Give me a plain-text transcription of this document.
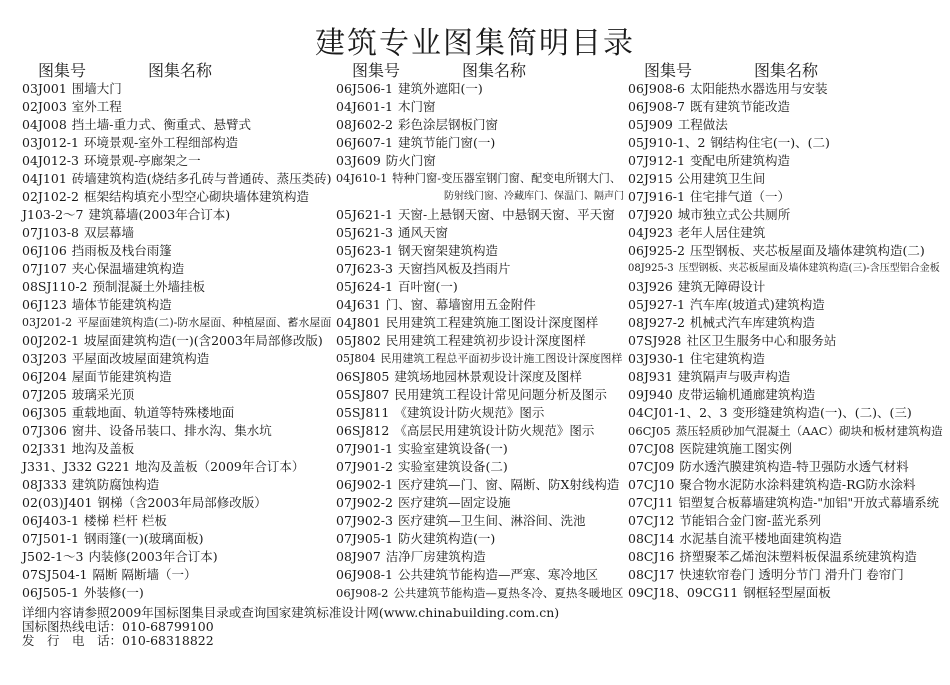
建筑专业图集简明目录
图集号	图集名称
03J001 围墙大门
02J003 室外工程
04J008 挡土墙-重力式、衡重式、悬臂式
03J012-1 环境景观-室外工程细部构造
04J012-3 环境景观-亭廊架之一
04J101 砖墙建筑构造(烧结多孔砖与普通砖、蒸压类砖)
02J102-2 框架结构填充小型空心砌块墙体建筑构造
J103-2～7 建筑幕墙(2003年合订本)
07J103-8 双层幕墙
06J106 挡雨板及栈台雨篷
07J107 夹心保温墙建筑构造
08SJ110-2 预制混凝土外墙挂板
06J123 墙体节能建筑构造
03J201-2 平屋面建筑构造(二)-防水屋面、种植屋面、蓄水屋面
00J202-1 坡屋面建筑构造(一)(含2003年局部修改版)
03J203 平屋面改坡屋面建筑构造
06J204 屋面节能建筑构造
07J205 玻璃采光顶
06J305 重载地面、轨道等特殊楼地面
07J306 窗井、设备吊装口、排水沟、集水坑
02J331 地沟及盖板
J331、J332 G221 地沟及盖板（2009年合订本）
08J333 建筑防腐蚀构造
02(03)J401 钢梯（含2003年局部修改版）
06J403-1 楼梯 栏杆 栏板
07J501-1 钢雨篷(一)(玻璃面板)
J502-1～3 内装修(2003年合订本)
07SJ504-1 隔断 隔断墙（一）
06J505-1 外装修(一)
图集号	图集名称
06J506-1 建筑外遮阳(一)
04J601-1 木门窗
08J602-2 彩色涂层钢板门窗
06J607-1 建筑节能门窗(一)
03J609 防火门窗
04J610-1 特种门窗-变压器室钢门窗、配变电所钢大门、
防射线门窗、冷藏库门、保温门、隔声门
05J621-1 天窗-上悬钢天窗、中悬钢天窗、平天窗
05J621-3 通风天窗
05J623-1 钢天窗架建筑构造
07J623-3 天窗挡风板及挡雨片
05J624-1 百叶窗(一)
04J631 门、窗、幕墙窗用五金附件
04J801 民用建筑工程建筑施工图设计深度图样
05J802 民用建筑工程建筑初步设计深度图样
05J804 民用建筑工程总平面初步设计施工图设计深度图样
06SJ805 建筑场地园林景观设计深度及图样
05SJ807 民用建筑工程设计常见问题分析及图示
05SJ811 《建筑设计防火规范》图示
06SJ812 《高层民用建筑设计防火规范》图示
07J901-1 实验室建筑设备(一)
07J901-2 实验室建筑设备(二)
06J902-1 医疗建筑—门、窗、隔断、防X射线构造
07J902-2 医疗建筑—固定设施
07J902-3 医疗建筑—卫生间、淋浴间、洗池
07J905-1 防火建筑构造(一)
08J907 洁净厂房建筑构造
06J908-1 公共建筑节能构造—严寒、寒冷地区
06J908-2 公共建筑节能构造—夏热冬冷、夏热冬暖地区
图集号	图集名称
06J908-6 太阳能热水器选用与安装
06J908-7 既有建筑节能改造
05J909 工程做法
05J910-1、2 钢结构住宅(一)、(二)
07J912-1 变配电所建筑构造
02J915 公用建筑卫生间
07J916-1 住宅排气道（一）
07J920 城市独立式公共厕所
04J923 老年人居住建筑
06J925-2 压型钢板、夹芯板屋面及墙体建筑构造(二)
08J925-3 压型钢板、夹芯板屋面及墙体建筑构造(三)-含压型铝合金板
03J926 建筑无障碍设计
05J927-1 汽车库(坡道式)建筑构造
08J927-2 机械式汽车库建筑构造
07SJ928 社区卫生服务中心和服务站
03J930-1 住宅建筑构造
08J931 建筑隔声与吸声构造
09J940 皮带运输机通廊建筑构造
04CJ01-1、2、3 变形缝建筑构造(一)、(二)、(三)
06CJ05 蒸压轻质砂加气混凝土（AAC）砌块和板材建筑构造
07CJ08 医院建筑施工图实例
07CJ09 防水透汽膜建筑构造-特卫强防水透气材料
07CJ10 聚合物水泥防水涂料建筑构造-RG防水涂料
07CJ11 铝塑复合板幕墙建筑构造-"加铝"开放式幕墙系统
07CJ12 节能铝合金门窗-蓝光系列
08CJ14 水泥基自流平楼地面建筑构造
08CJ16 挤塑聚苯乙烯泡沫塑料板保温系统建筑构造
08CJ17 快速软帘卷门 透明分节门 滑升门 卷帘门
09CJ18、09CG11 钢框轻型屋面板
详细内容请参照2009年国标图集目录或查询国家建筑标准设计网(www.chinabuilding.com.cn)
国标图热线电话：010-68799100
发　行　电　话：010-68318822
